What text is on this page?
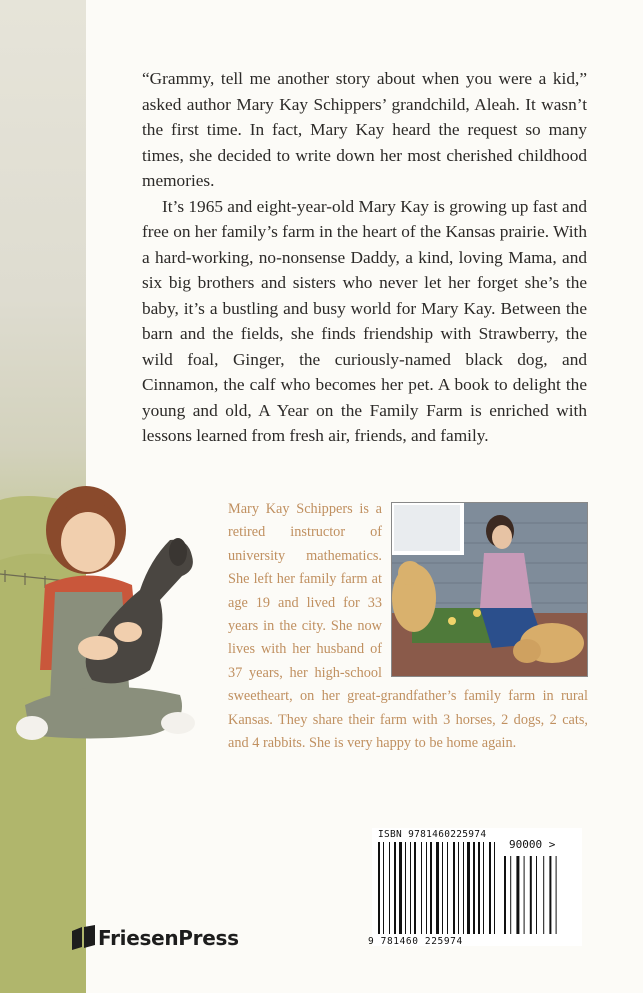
“Grammy, tell me another story about when you were a kid,” asked author Mary Kay Schippers’ grandchild, Aleah. It wasn’t the first time. In fact, Mary Kay heard the request so many times, she decided to write down her most cherished childhood memories.

It’s 1965 and eight-year-old Mary Kay is growing up fast and free on her family’s farm in the heart of the Kansas prairie. With a hard-working, no-nonsense Daddy, a kind, loving Mama, and six big brothers and sisters who never let her forget she’s the baby, it’s a bustling and busy world for Mary Kay. Between the barn and the fields, she finds friendship with Strawberry, the wild foal, Ginger, the curiously-named black dog, and Cinnamon, the calf who becomes her pet. A book to delight the young and old, A Year on the Family Farm is enriched with lessons learned from fresh air, friends, and family.

Mary Kay Schippers is a retired instructor of university mathematics. She left her family farm at age 19 and lived for 33 years in the city. She now lives with her husband of 37 years, her high-school sweetheart, on her great-grandfather’s family farm in rural Kansas. They share their farm with 3 horses, 2 dogs, 2 cats, and 4 rabbits. She is very happy to be home again.
FriesenPress
ISBN 9781460225974
90000 >
9 781460 225974
